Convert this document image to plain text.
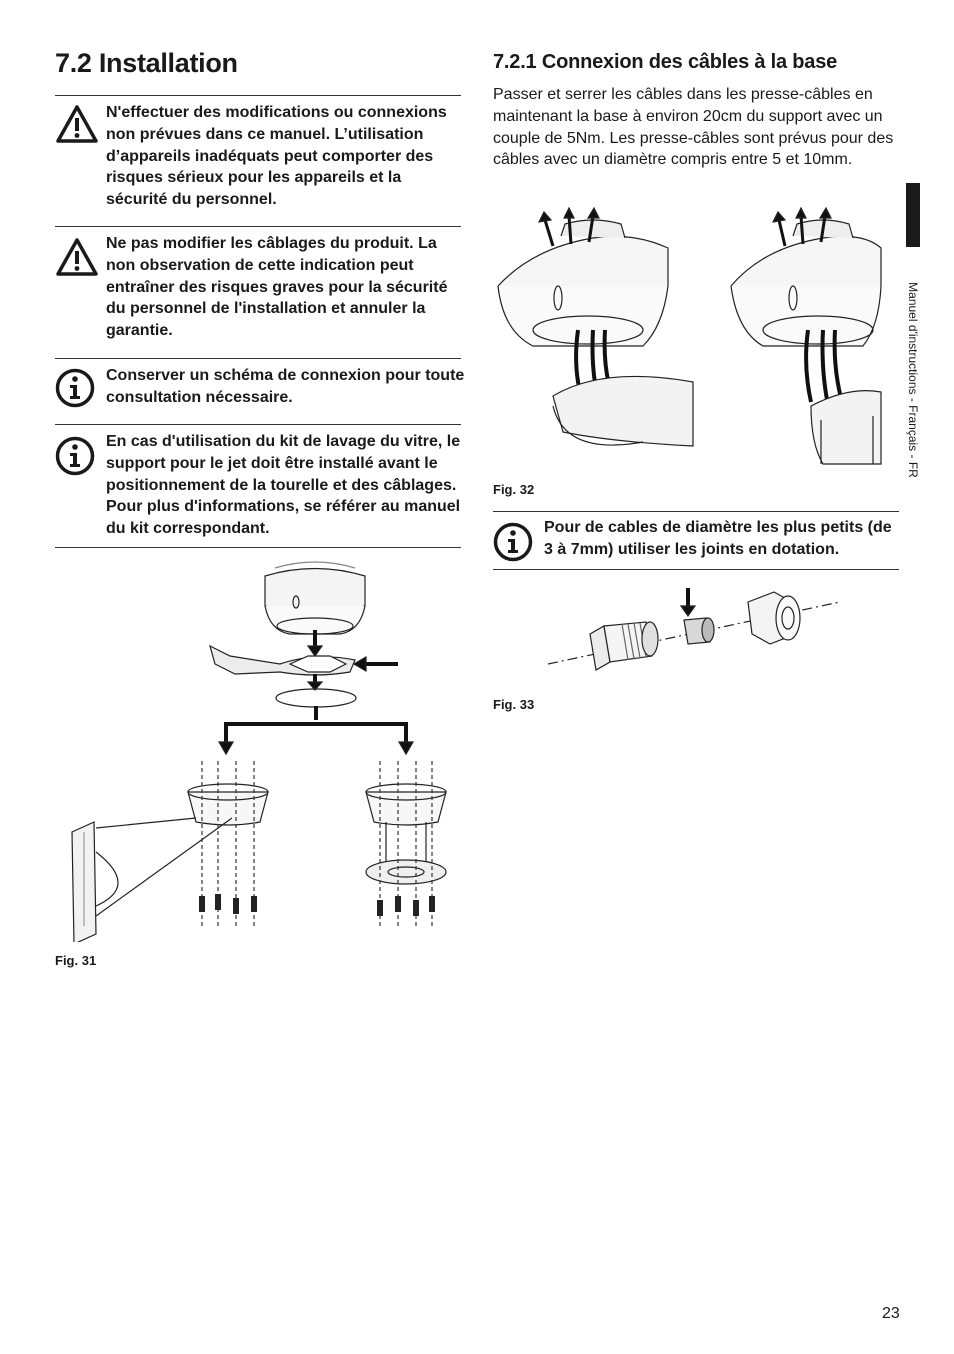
Manuel d'instructions - Français - FR
7.2 Installation
N'effectuer des modifications ou connexions non prévues dans ce manuel. L’utilisation d’appareils inadéquats peut comporter des risques sérieux pour les appareils et la sécurité du personnel.
Ne pas modifier les câblages du produit. La non observation de cette indication peut entraîner des risques graves pour la sécurité du personnel de l'installation et annuler la garantie.
Conserver un schéma de connexion pour toute consultation nécessaire.
En cas d'utilisation du kit de lavage du vitre, le support pour le jet doit être installé avant le positionnement de la tourelle et des câblages. Pour plus d'informations, se référer au manuel du kit correspondant.
Fig. 31
7.2.1 Connexion des câbles à la base
Passer et serrer les câbles dans les presse-câbles en maintenant la base à environ 20cm du support avec un couple de 5Nm. Les presse-câbles sont prévus pour des câbles avec un diamètre compris entre 5 et 10mm.
Fig. 32
Pour de cables de diamètre les plus petits (de 3 à 7mm) utiliser les joints en dotation.
Fig. 33
23
